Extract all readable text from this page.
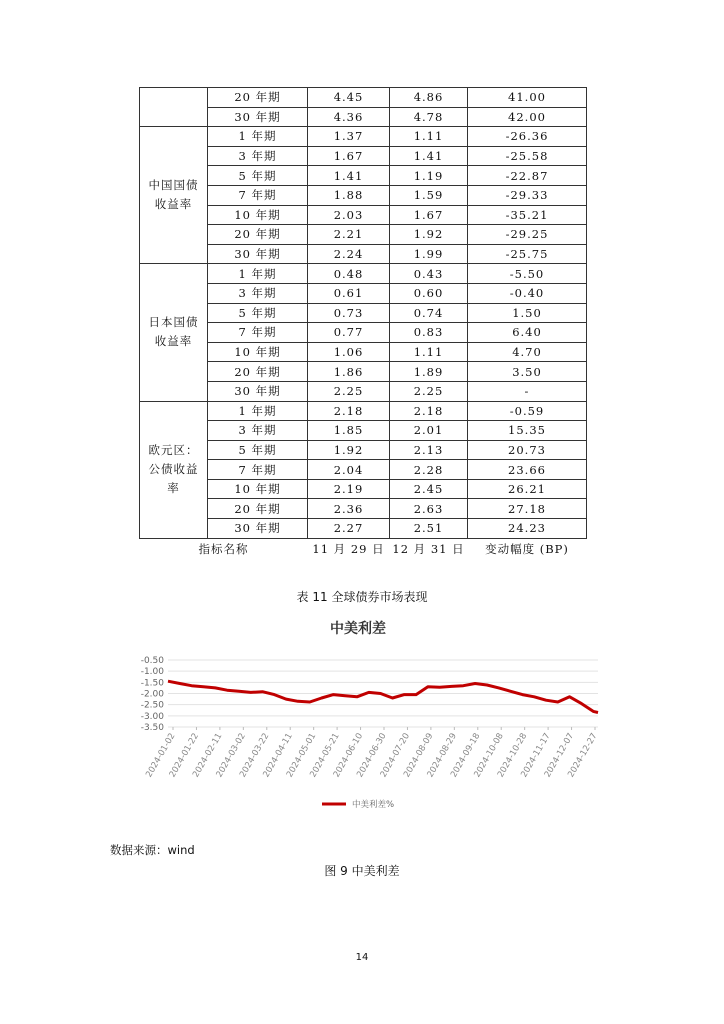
	20 年期	4.45	4.86	41.00
	30 年期	4.36	4.78	42.00

中国国债
收益率	1 年期	1.37	1.11	-26.36
	3 年期	1.67	1.41	-25.58
	5 年期	1.41	1.19	-22.87
	7 年期	1.88	1.59	-29.33
	10 年期	2.03	1.67	-35.21
	20 年期	2.21	1.92	-29.25
	30 年期	2.24	1.99	-25.75

日本国债
收益率	1 年期	0.48	0.43	-5.50
	3 年期	0.61	0.60	-0.40
	5 年期	0.73	0.74	1.50
	7 年期	0.77	0.83	6.40
	10 年期	1.06	1.11	4.70
	20 年期	1.86	1.89	3.50
	30 年期	2.25	2.25	-

欧元区：
公债收益
率	1 年期	2.18	2.18	-0.59
	3 年期	1.85	2.01	15.35
	5 年期	1.92	2.13	20.73
	7 年期	2.04	2.28	23.66
	10 年期	2.19	2.45	26.21
	20 年期	2.36	2.63	27.18
	30 年期	2.27	2.51	24.23
指标名称		11 月 29 日	12 月 31 日	变动幅度 (BP)
表 11 全球债券市场表现
中美利差
-0.50
-1.00
-1.50
-2.00
-2.50
-3.00
-3.50
2024-01-02
2024-01-22
2024-02-11
2024-03-02
2024-03-22
2024-04-11
2024-05-01
2024-05-21
2024-06-10
2024-06-30
2024-07-20
2024-08-09
2024-08-29
2024-09-18
2024-10-08
2024-10-28
2024-11-17
2024-12-07
2024-12-27
中美利差%
数据来源：wind
图 9 中美利差
14
